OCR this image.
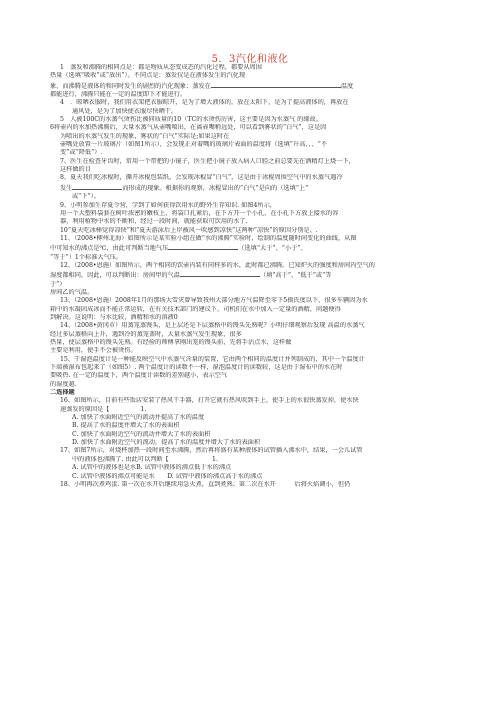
5．3汽化和液化

1　蒸发和沸腾的相同点是：都是物质从态变成态的汽化过程，都要从周围

热量（选填“吸收”或“放出”）。不同点是：蒸发仅是在液体发生的汽化现

象，而沸腾是液体的和同时发生的剧烈的汽化现象；蒸发在	温度

都能进行，沸腾只能在一定的温度即下才能进行。

4　．晾晒衣服时，我们用衣架把衣服晾开，是为了增大液体的，放在太阳下，是为了提高液体的，再放在

通风处，是为了加快使衣服尽快晒干。

5　人被100C的水蒸气烫伤比被同质量的10（TC的水烫伤厉害，这主要是因为水蒸气 的缘故。

6将壶内的水加热沸腾后，大量水蒸气从壶嘴喷出，在离壶嘴稍远处，可以看到雾状的“白气”，这是因

为喷出的水蒸气发生的现象，雾状的“白气”实际是;如果这时在

壶嘴处放置一片玻璃片（如图1所示），会发现正对着嘴的玻璃片表面的温度将（选填“升高、、、“不

变”或“降低”）.

7、医生在检查牙齿时，常用一个带把的小镜子，医生把小镜子放入病人口腔之前总要先在酒精灯上烧一下，

这样做的目

8、夏天我们吃冰棍时，撕开冰棍包装纸，会发现冰棍冒“白气”，这是由于冰棍周围空气中的水蒸气遇冷

发生	而形成的现象。根据你的观察，冰棍冒出的“白气”是向的（选填“上”

或“下”）。

9、小明参加生存夏令营，学到了如何获得饮用水的野外生存知识. 如图4所示，

用一个大塑料袋套在树叶浓密的嫩枝上，将袋口扎紧后，在下方开一个小孔，在小孔下方放上接水的容

器，利用植物中水的不断和，经过一段时间，就能获取可饮用的水了.

10“夏天吃冰棒觉得凉快”和“夏天游泳后上岸被风一吹感到凉快”这两种“凉快”的原因分别是、.

11、（2008•柳州北海）如图所示是某实验小组在做“水的沸腾”实验时，绘制的温度随时间变化的曲线，从图

中可知水的沸点是℃，由此可判断当地气压	（选填“大于”、“小于”、

“等于”）1个标准大气压。

12、（2008•恩施）如图所示，两个相同的饮壶内装有同样多的水，此时都已沸腾。已知炉火的强度和房间内空气的

湿度都相同，因此，可以判断出：房间甲的气温	（填“高于”、“低于”或“等

于”）

房间乙的气温。

13、（2008•恩施）2008年1月的那场大雪灾曾导致我州大部分地方气温降至零下5摄氏度以下，很多车辆因为水

箱中的水凝固成冰而不能正常运转，在有关技术部门的建议下，司机们在水中加入一定量的酒精，问题便得

到解决。这说明：与水比较，酒精和水的溶液0

14、（2008•黄冈市）用蒸笼蒸馒头，是上层还是下层蒸格中的馒头先熟呢？小明仔细观察后发现 高温的水蒸气

经过多层蒸格向上升，遇到冷的蒸笼盖时，大量水蒸气发生现象，很多

热量，使层蒸格中的馒头先熟。有经验的师傅拿刚出笼的馒头前，先将手沾点水，这样做

主要是利用，使手不会被烫伤。

15、干湿泡温度计是一种能反映空气中水蒸气含量的装置，它由两个相同的温度计并列制成的，其中一个温度计

下端被湿布包起来了（如图5）. 两个温度计的读数不一样，湿泡温度计的读数较，这是由于湿布中的水在时

要吸热. 在一定的温度下，两个温度计读数的差别越小，表示空气

的湿度越.

二选择题

16、如图所示，目前有些饭店安装了热风干手器，打开它就有热风吹到手上，使手上的水很快蒸发掉，使水快

速蒸发的原因是【　　　　　1.

A. 加快了水面附近空气的流动并提高了水的温度

B. 提高了水的温度并增大了水的表面积

C. 加快了水面附近空气的流动并增大了水的表面积

D. 加快了水面附近空气的流动，提高了水的温度并增大了水的表面积

17、如图7所示，对烧杯加热一段时间至水沸腾，然后再将盛有某种液体的试管插入沸水中，结果，一会儿试管

中的液体也沸腾了. 由此可以判断【　　　　　　　1.

A. 试管中的液体也是水B. 试管中液体的沸点低于水的沸点

C. 试管中液体的沸点可能是水　　D. 试管中液体的沸点高于水的沸点

18、小明再次煮鸡蛋. 第一次在水开后继续用急火煮，直到煮熟；第二次在水开　　　后将火焰调小，但仍
